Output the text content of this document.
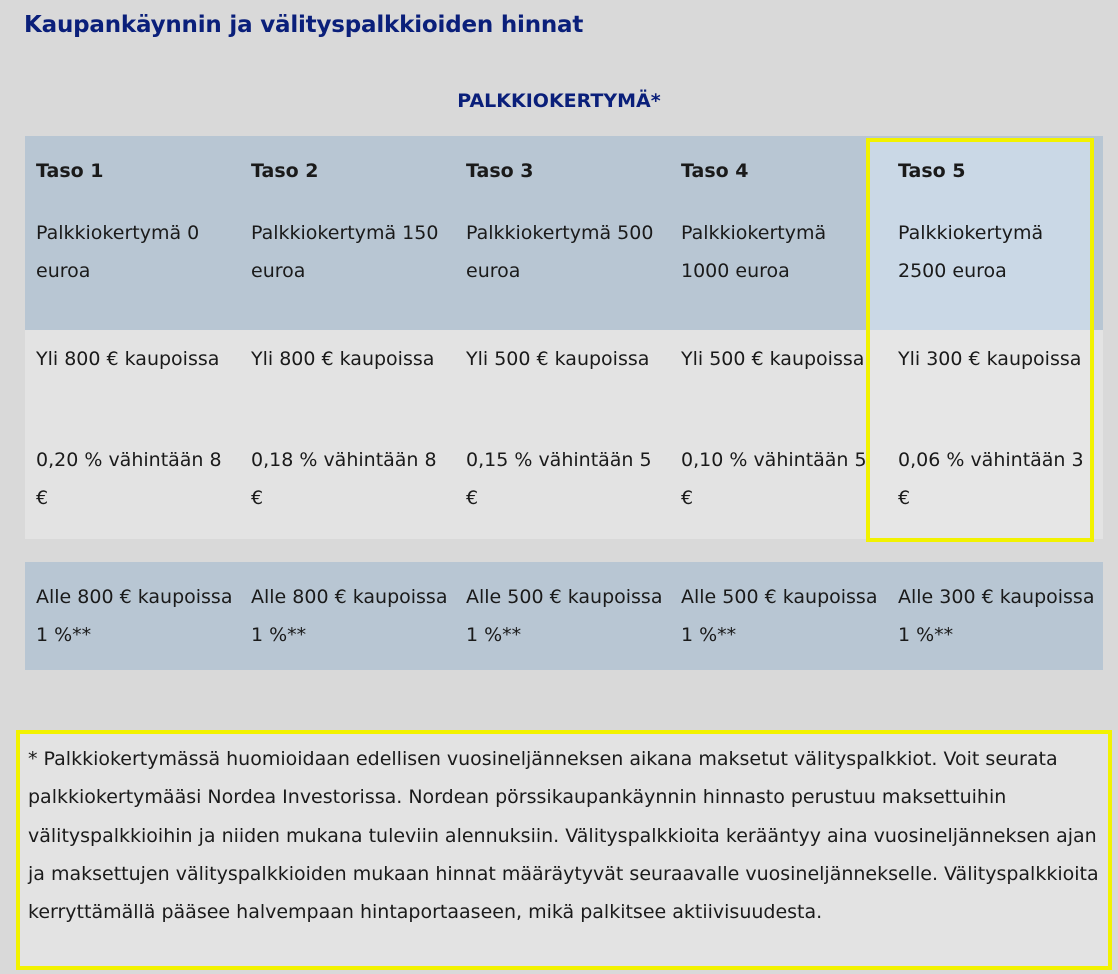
Kaupankäynnin ja välityspalkkioiden hinnat
PALKKIOKERTYMÄ*
Taso 1
Palkkiokertymä 0 euroa
Taso 2
Palkkiokertymä 150 euroa
Taso 3
Palkkiokertymä 500 euroa
Taso 4
Palkkiokertymä 1000 euroa
Taso 5
Palkkiokertymä 2500 euroa
Yli 800 € kaupoissa
0,20 % vähintään 8 €
Yli 800 € kaupoissa
0,18 % vähintään 8 €
Yli 500 € kaupoissa
0,15 % vähintään 5 €
Yli 500 € kaupoissa
0,10 % vähintään 5 €
Yli 300 € kaupoissa
0,06 % vähintään 3 €
Alle 800 € kaupoissa 1 %**
Alle 800 € kaupoissa 1 %**
Alle 500 € kaupoissa 1 %**
Alle 500 € kaupoissa 1 %**
Alle 300 € kaupoissa 1 %**
* Palkkiokertymässä huomioidaan edellisen vuosineljänneksen aikana maksetut välityspalkkiot. Voit seurata palkkiokertymääsi Nordea Investorissa. Nordean pörssikaupankäynnin hinnasto perustuu maksettuihin välityspalkkioihin ja niiden mukana tuleviin alennuksiin. Välityspalkkioita kerääntyy aina vuosineljänneksen ajan ja maksettujen välityspalkkioiden mukaan hinnat määräytyvät seuraavalle vuosineljännekselle. Välityspalkkioita kerryttämällä pääsee halvempaan hintaportaaseen, mikä palkitsee aktiivisuudesta.
